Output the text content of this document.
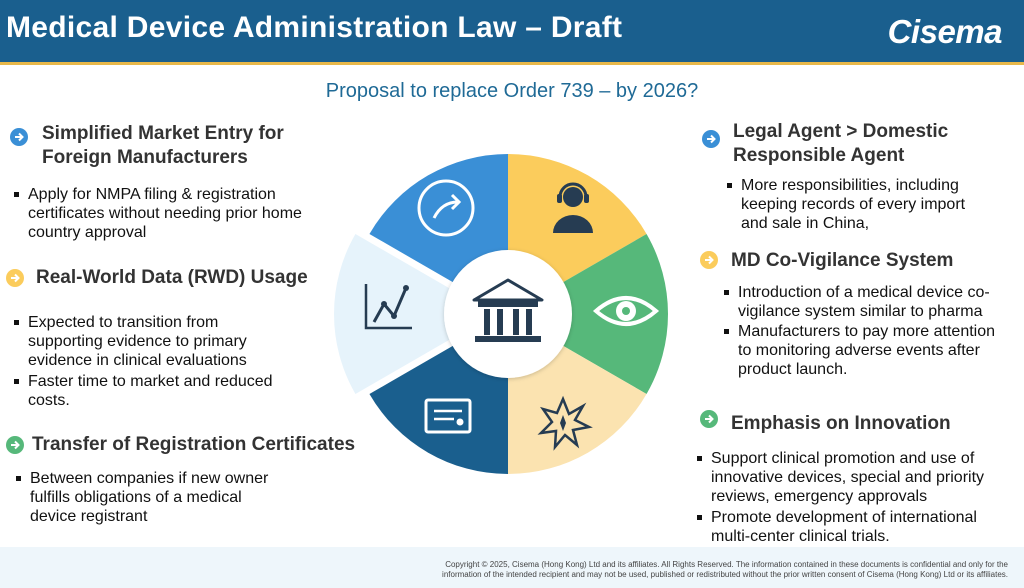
Medical Device Administration Law – Draft	Cisema
Proposal to replace Order 739 – by 2026?
Simplified Market Entry for
Foreign Manufacturers
Apply for NMPA filing & registration
certificates without needing prior home
country approval
Real-World Data (RWD) Usage
Expected to transition from
supporting evidence to primary
evidence in clinical evaluations
Faster time to market and reduced
costs.
Transfer of Registration Certificates
Between companies if new owner
fulfills obligations of a medical
device registrant
Legal Agent > Domestic
Responsible Agent
More responsibilities, including
keeping records of every import
and sale in China,
MD Co-Vigilance System
Introduction of a medical device co-
vigilance system similar to pharma
Manufacturers to pay more attention
to monitoring adverse events after
product launch.
Emphasis on Innovation
Support clinical promotion and use of
innovative devices, special and priority
reviews, emergency approvals
Promote development of international
multi-center clinical trials.
Copyright © 2025, Cisema (Hong Kong) Ltd and its affiliates. All Rights Reserved. The information contained in these documents is confidential and only for the
information of the intended recipient and may not be used, published or redistributed without the prior written consent of Cisema (Hong Kong) Ltd or its affiliates.
